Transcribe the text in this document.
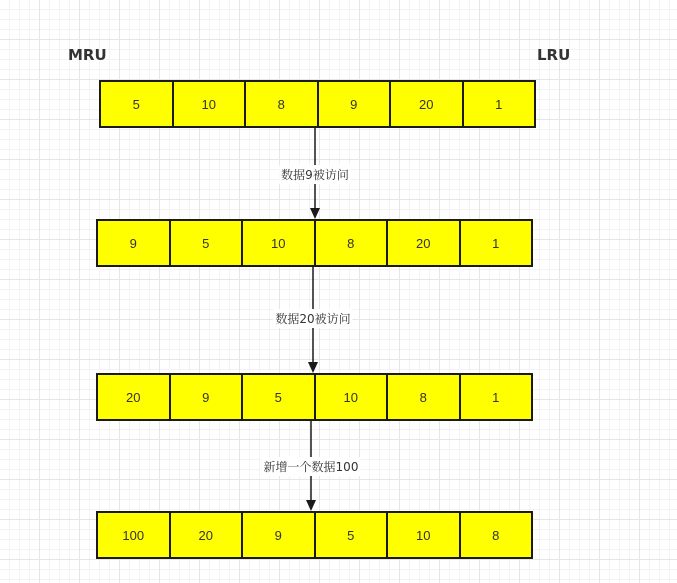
MRU	LRU
5	10	8	9	20	1
9	5	10	8	20	1
20	9	5	10	8	1
100	20	9	5	10	8
数据9被访问
数据20被访问
新增一个数据100
